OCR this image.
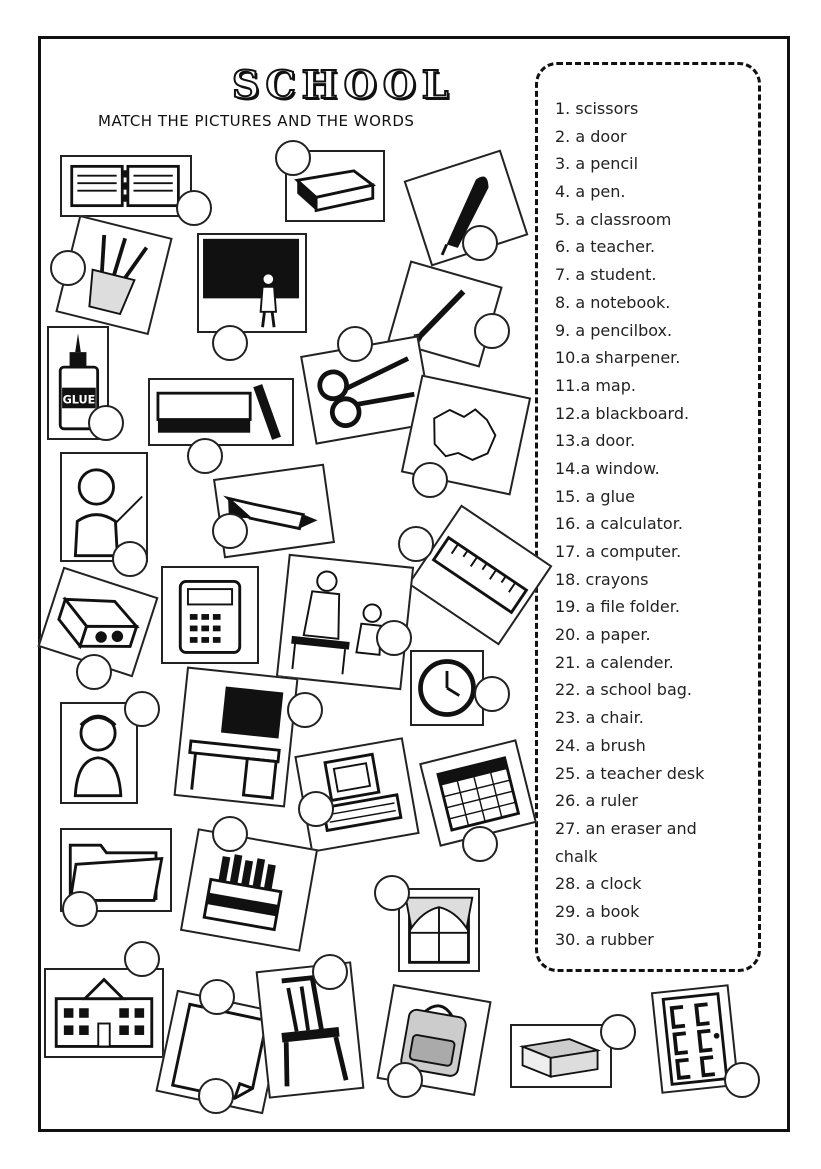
SCHOOL
MATCH THE PICTURES AND THE WORDS
1. scissors
2. a door
3. a pencil
4. a pen.
5. a classroom
6. a teacher.
7. a student.
8. a notebook.
9. a pencilbox.
10.a sharpener.
11.a map.
12.a blackboard.
13.a door.
14.a window.
15. a glue
16. a calculator.
17. a computer.
18. crayons
19. a file folder.
20. a paper.
21. a calender.
22. a school bag.
23. a chair.
24. a brush
25. a teacher desk
26. a ruler
27. an eraser and
chalk
28. a clock
29. a book
30. a rubber
GLUE
